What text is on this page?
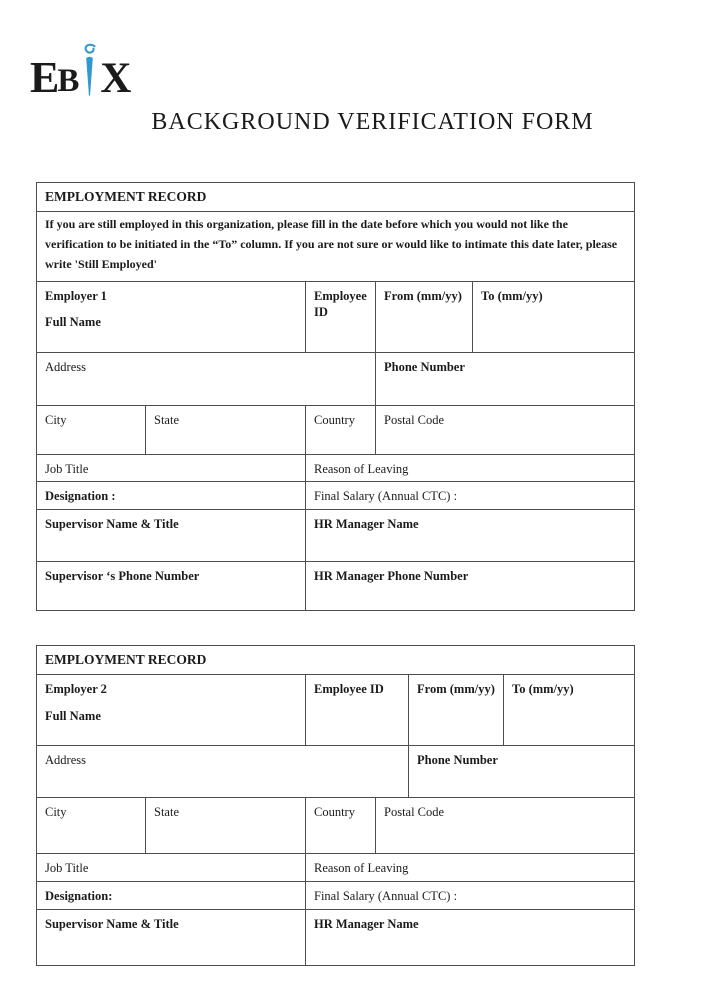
E B X
BACKGROUND VERIFICATION FORM
EMPLOYMENT RECORD				
If you are still employed in this organization, please fill in the date before which you would not like the verification to be initiated in the “To” column. If you are not sure or would like to intimate this date later, please write 'Still Employed'				

Employer 1
Full Name		Employee ID	From (mm/yy)	To (mm/yy)
Address			Phone Number	
City	State	Country	Postal Code	
Job Title		Reason of Leaving		
Designation :		Final Salary (Annual CTC) :		
Supervisor Name & Title		HR Manager Name		
Supervisor ‘s Phone Number		HR Manager Phone Number		
EMPLOYMENT RECORD					

Employer 2
Full Name		Employee ID		From (mm/yy)	To (mm/yy)
Address				Phone Number	
City	State	Country	Postal Code		
Job Title		Reason of Leaving			
Designation:		Final Salary (Annual CTC) :			
Supervisor Name & Title		HR Manager Name			
